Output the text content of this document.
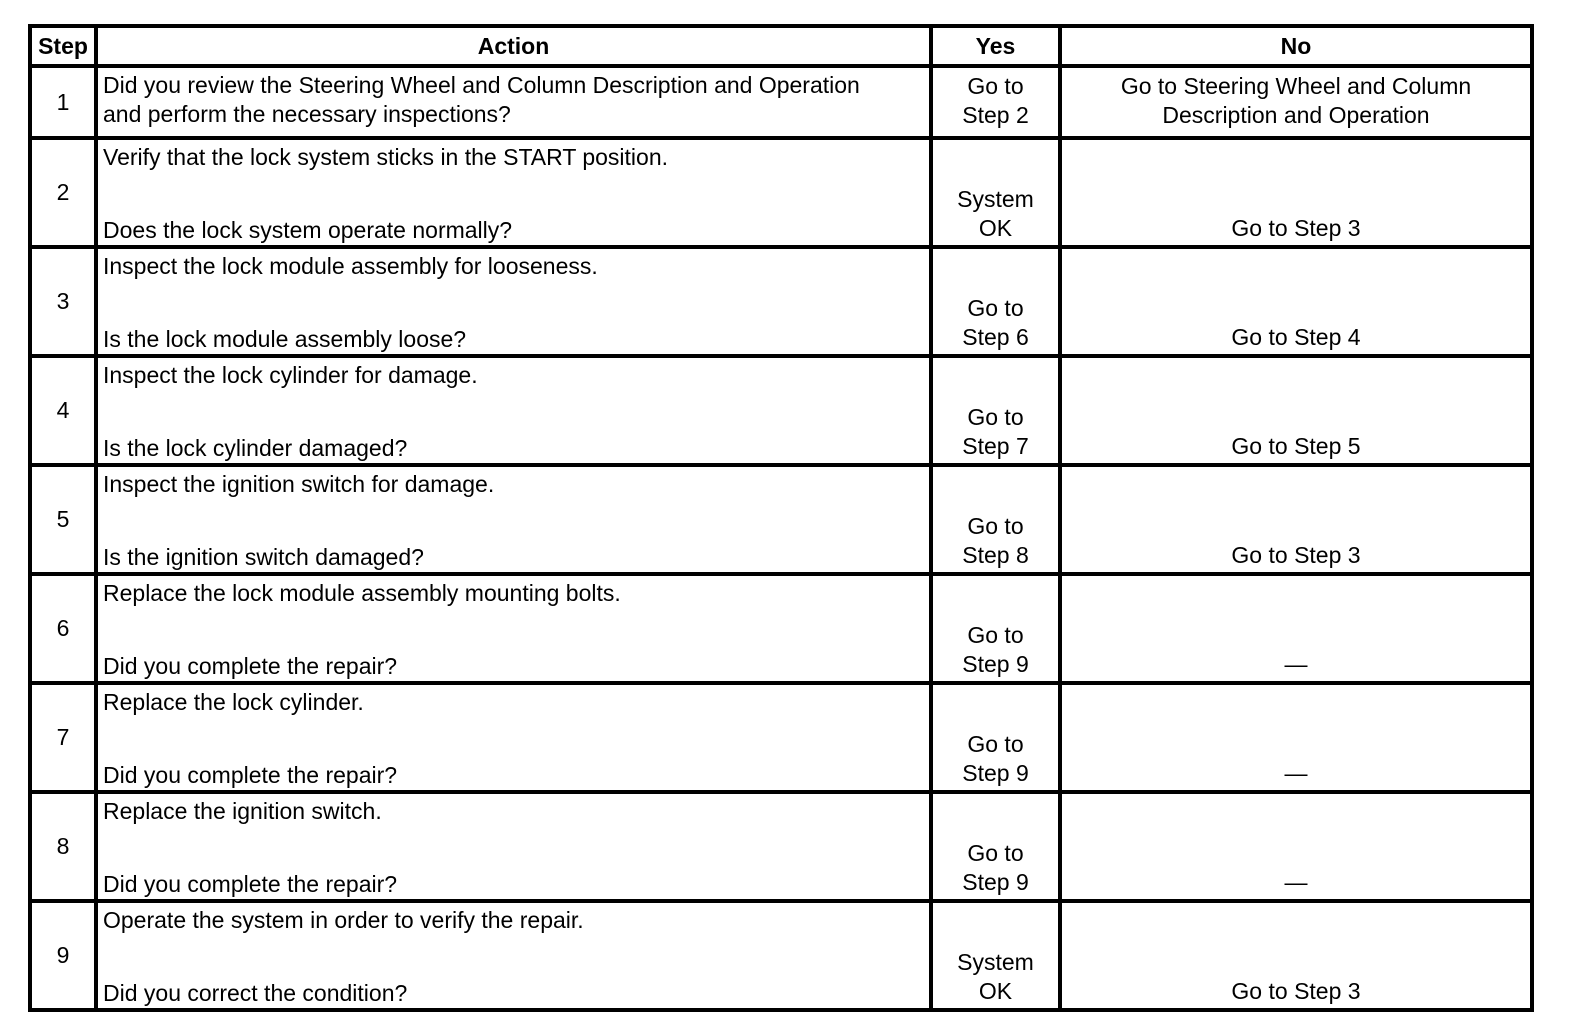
Step	Action	Yes	No
1	Did you review the Steering Wheel and Column Description and Operation
and perform the necessary inspections?	Go to
Step 2	Go to Steering Wheel and Column
Description and Operation

2	Verify that the lock system sticks in the START position.
Does the lock system operate normally?	System
OK	Go to Step 3

3	Inspect the lock module assembly for looseness.
Is the lock module assembly loose?	Go to
Step 6	Go to Step 4

4	Inspect the lock cylinder for damage.
Is the lock cylinder damaged?	Go to
Step 7	Go to Step 5

5	Inspect the ignition switch for damage.
Is the ignition switch damaged?	Go to
Step 8	Go to Step 3

6	Replace the lock module assembly mounting bolts.
Did you complete the repair?	Go to
Step 9	—

7	Replace the lock cylinder.
Did you complete the repair?	Go to
Step 9	—

8	Replace the ignition switch.
Did you complete the repair?	Go to
Step 9	—

9	Operate the system in order to verify the repair.
Did you correct the condition?	System
OK	Go to Step 3
